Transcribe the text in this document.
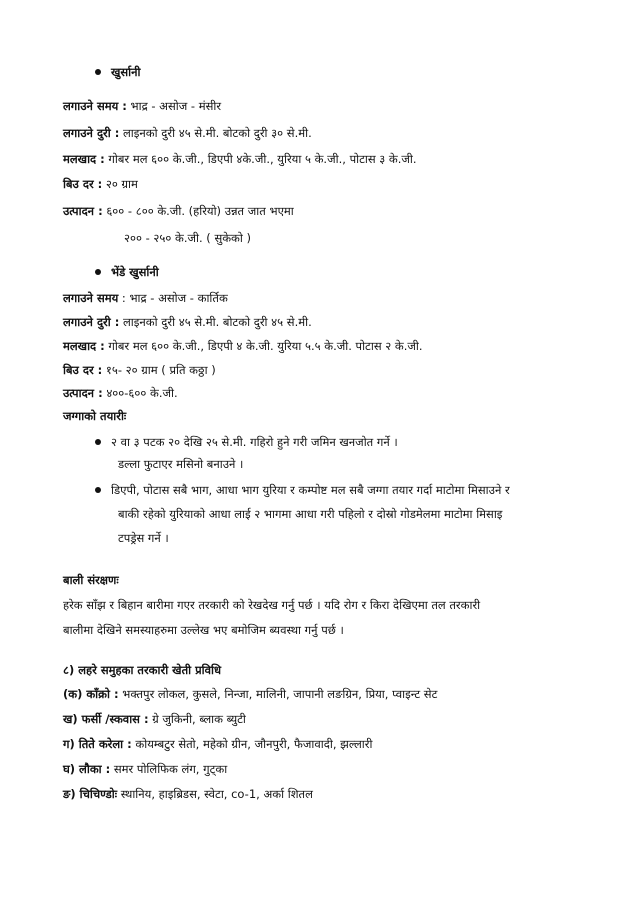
खुर्सानी
लगाउने समय : भाद्र - असोज - मंसीर
लगाउने दुरी : लाइनको दुरी ४५ से.मी. बोटको दुरी ३० से.मी.
मलखाद : गोबर मल ६०० के.जी., डिएपी ४के.जी., युरिया ५ के.जी., पोटास ३ के.जी.
बिउ दर : २० ग्राम
उत्पादन : ६०० - ८०० के.जी. (हरियो) उन्नत जात भएमा
२०० - २५० के.जी. ( सुकेको )
भेंडे खुर्सानी
लगाउने समय : भाद्र - असोज - कार्तिक
लगाउने दुरी : लाइनको दुरी ४५ से.मी. बोटको दुरी ४५ से.मी.
मलखाद : गोबर मल ६०० के.जी., डिएपी ४ के.जी. युरिया ५.५ के.जी. पोटास २ के.जी.
बिउ दर : १५- २० ग्राम ( प्रति कठ्ठा )
उत्पादन : ४००-६०० के.जी.
जग्गाको तयारीः
२ वा ३ पटक २० देखि २५ से.मी. गहिरो हुने गरी जमिन खनजोत गर्ने ।
डल्ला फुटाएर मसिनो बनाउने ।
डिएपी, पोटास सबै भाग, आधा भाग युरिया र कम्पोष्ट मल सबै जग्गा तयार गर्दा माटोमा मिसाउने र
बाकी रहेको युरियाको आधा लाई २ भागमा आधा गरी पहिलो र दोस्रो गोडमेलमा माटोमा मिसाइ
टपड्रेस गर्ने ।
बाली संरक्षणः
हरेक साँझ र बिहान बारीमा गएर तरकारी को रेखदेख गर्नु पर्छ । यदि रोग र किरा देखिएमा तल तरकारी
बालीमा देखिने समस्याहरुमा उल्लेख भए बमोजिम ब्यवस्था गर्नु पर्छ ।
८) लहरे समुहका तरकारी खेती प्रविधि
(क) काँक्रो : भक्तपुर लोकल, कुसले, निन्जा, मालिनी, जापानी लङग्रिन, प्रिया, प्वाइन्ट सेट
ख) फर्सी /स्कवास : ग्रे जुकिनी, ब्लाक ब्युटी
ग) तितेे करेला : कोयम्बटुर सेतो, महेको ग्रीन, जौनपुरी, फैजावादी, झल्लारी
घ) लौका : समर पोलिफिक लंग, गुट्का
ङ) चिचिण्डोः स्थानिय, हाइब्रिडस, स्वेटा, co-1, अर्का शितल
